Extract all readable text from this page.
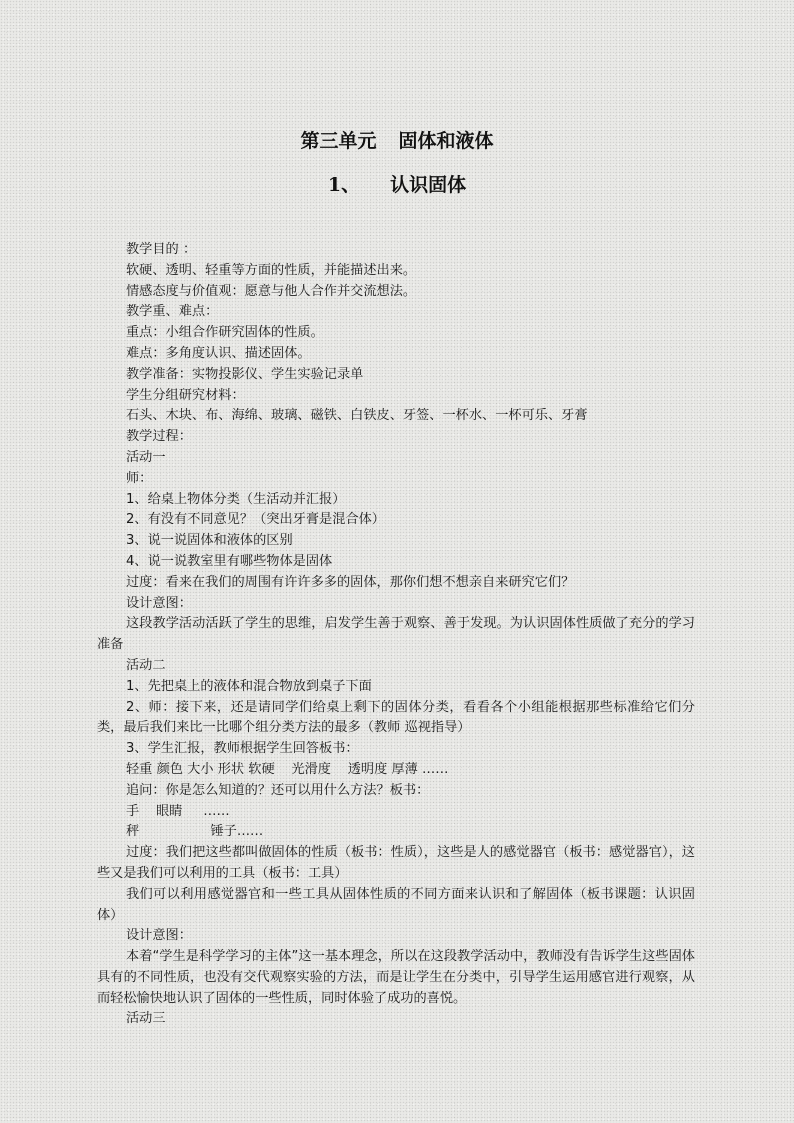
第三单元 固体和液体
1、 认识固体

教学目的 ：

软硬、透明、轻重等方面的性质，并能描述出来。

情感态度与价值观：愿意与他人合作并交流想法。

教学重、难点：

重点：小组合作研究固体的性质。

难点：多角度认识、描述固体。

教学准备：实物投影仪、学生实验记录单

学生分组研究材料：

石头、木块、布、海绵、玻璃、磁铁、白铁皮、牙签、一杯水、一杯可乐、牙膏

教学过程：

活动一

师：

1、给桌上物体分类（生活动并汇报）

2、有没有不同意见？（突出牙膏是混合体）

3、说一说固体和液体的区别

4、说一说教室里有哪些物体是固体

过度：看来在我们的周围有许许多多的固体，那你们想不想亲自来研究它们？

设计意图：

这段教学活动活跃了学生的思维，启发学生善于观察、善于发现。为认识固体性质做了充分的学习准备

活动二

1、先把桌上的液体和混合物放到桌子下面

2、师：接下来，还是请同学们给桌上剩下的固体分类，看看各个小组能根据那些标准给它们分类，最后我们来比一比哪个组分类方法的最多（教师 巡视指导）

3、学生汇报，教师根据学生回答板书：

轻重 颜色 大小 形状 软硬    光滑度    透明度 厚薄 ……

追问：你是怎么知道的？还可以用什么方法？板书：

手    眼睛     ……

秤                 锤子……

过度：我们把这些都叫做固体的性质（板书：性质），这些是人的感觉器官（板书：感觉器官），这些又是我们可以利用的工具（板书：工具）

我们可以利用感觉器官和一些工具从固体性质的不同方面来认识和了解固体（板书课题：认识固体）

设计意图：

本着“学生是科学学习的主体”这一基本理念，所以在这段教学活动中，教师没有告诉学生这些固体具有的不同性质，也没有交代观察实验的方法，而是让学生在分类中，引导学生运用感官进行观察，从而轻松愉快地认识了固体的一些性质，同时体验了成功的喜悦。

活动三
